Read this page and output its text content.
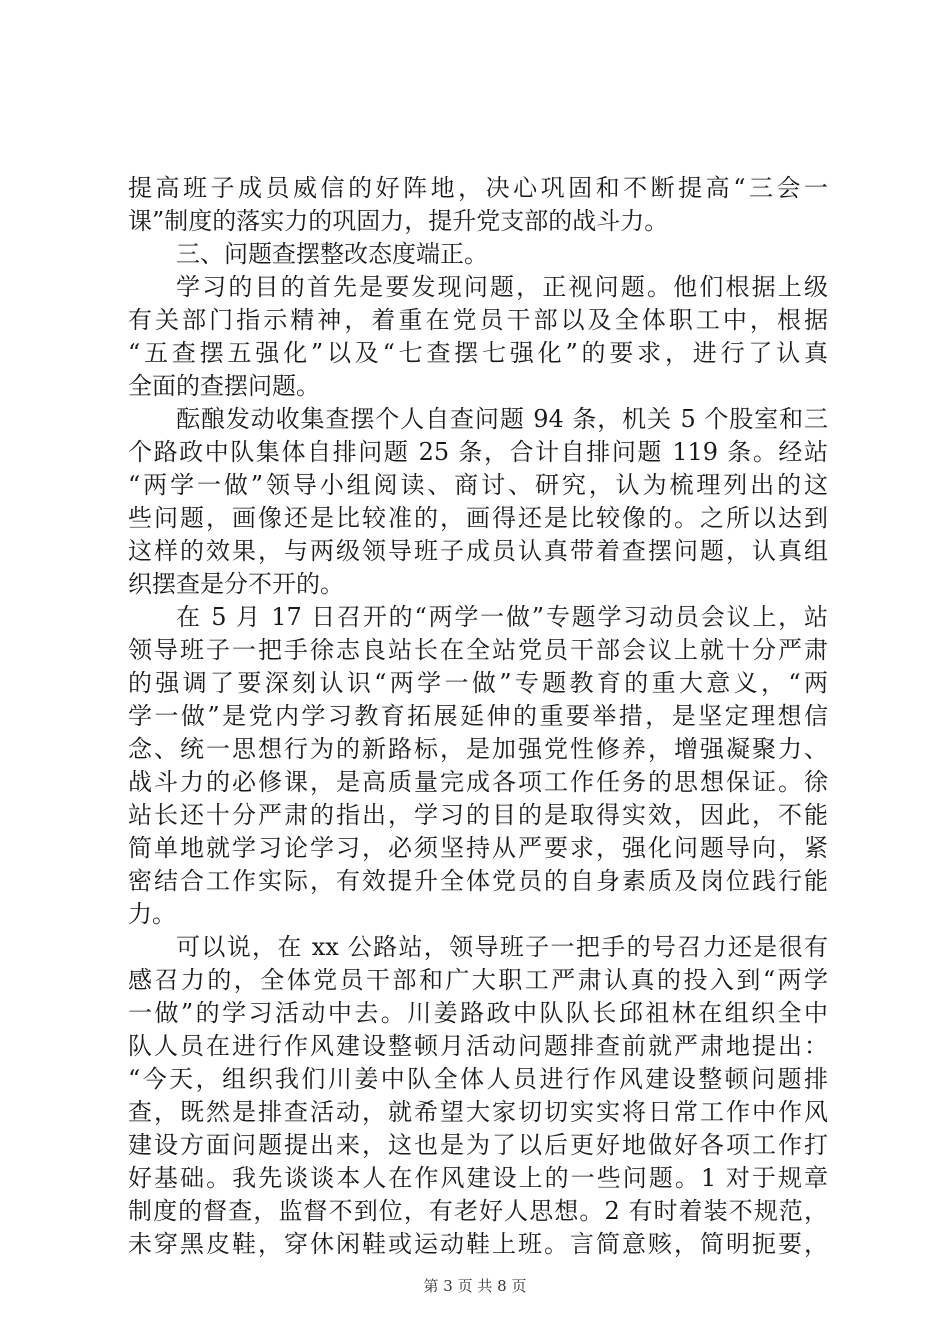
提高班子成员威信的好阵地，决心巩固和不断提高“三会一
课”制度的落实力的巩固力，提升党支部的战斗力。
三、问题查摆整改态度端正。
学习的目的首先是要发现问题，正视问题。他们根据上级
有关部门指示精神，着重在党员干部以及全体职工中，根据
“五查摆五强化”以及“七查摆七强化”的要求，进行了认真
全面的查摆问题。
酝酿发动收集查摆个人自查问题 94 条，机关 5 个股室和三
个路政中队集体自排问题 25 条，合计自排问题 119 条。经站
“两学一做”领导小组阅读、商讨、研究，认为梳理列出的这
些问题，画像还是比较准的，画得还是比较像的。之所以达到
这样的效果，与两级领导班子成员认真带着查摆问题，认真组
织摆查是分不开的。
在 5 月 17 日召开的“两学一做”专题学习动员会议上，站
领导班子一把手徐志良站长在全站党员干部会议上就十分严肃
的强调了要深刻认识“两学一做”专题教育的重大意义，“两
学一做”是党内学习教育拓展延伸的重要举措，是坚定理想信
念、统一思想行为的新路标，是加强党性修养，增强凝聚力、
战斗力的必修课，是高质量完成各项工作任务的思想保证。徐
站长还十分严肃的指出，学习的目的是取得实效，因此，不能
简单地就学习论学习，必须坚持从严要求，强化问题导向，紧
密结合工作实际，有效提升全体党员的自身素质及岗位践行能
力。
可以说，在 xx 公路站，领导班子一把手的号召力还是很有
感召力的，全体党员干部和广大职工严肃认真的投入到“两学
一做”的学习活动中去。川姜路政中队队长邱祖林在组织全中
队人员在进行作风建设整顿月活动问题排查前就严肃地提出：
“今天，组织我们川姜中队全体人员进行作风建设整顿问题排
查，既然是排查活动，就希望大家切切实实将日常工作中作风
第 3 页 共 8 页
建设方面问题提出来，这也是为了以后更好地做好各项工作打
好基础。我先谈谈本人在作风建设上的一些问题。1 对于规章
制度的督查，监督不到位，有老好人思想。2 有时着装不规范，
未穿黑皮鞋，穿休闲鞋或运动鞋上班。言简意赅，简明扼要，
